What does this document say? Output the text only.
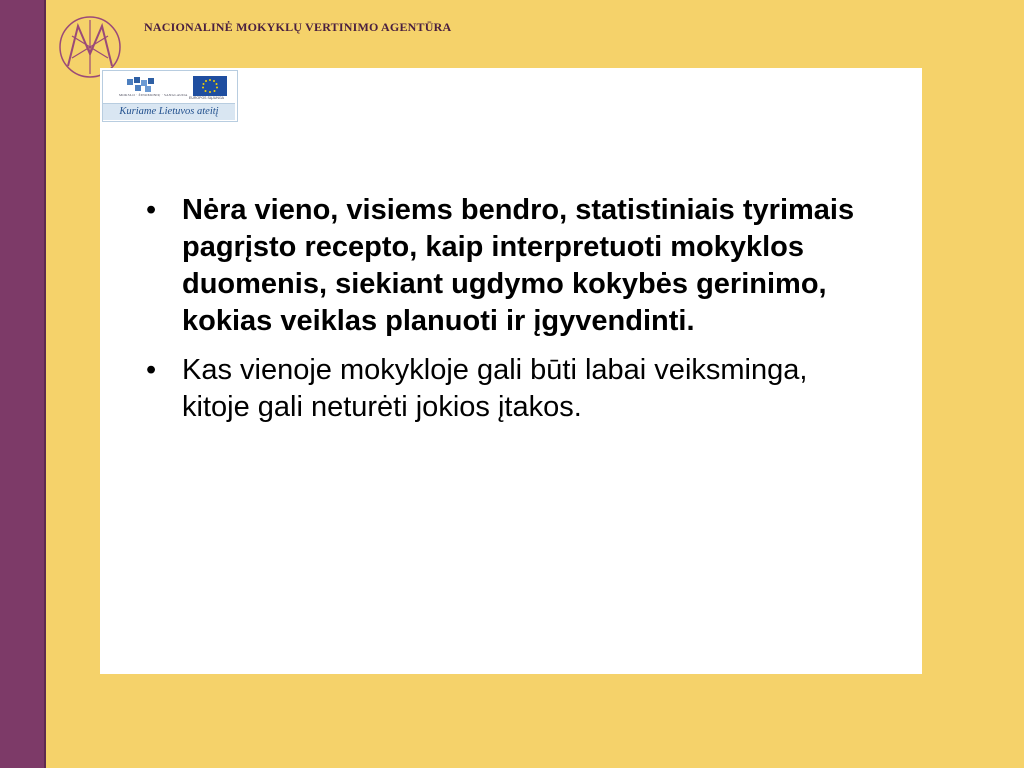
NACIONALINĖ MOKYKLŲ VERTINIMO AGENTŪRA
MOKSLO · ŽINOMONIŲ · SANGLAUDA
EUROPOS SĄJUNGA
Kuriame Lietuvos ateitį
• Nėra vieno, visiems bendro, statistiniais tyrimais pagrįsto recepto, kaip interpretuoti mokyklos duomenis, siekiant ugdymo kokybės gerinimo, kokias veiklas planuoti ir įgyvendinti.
• Kas vienoje mokykloje gali būti labai veiksminga, kitoje gali neturėti jokios įtakos.
